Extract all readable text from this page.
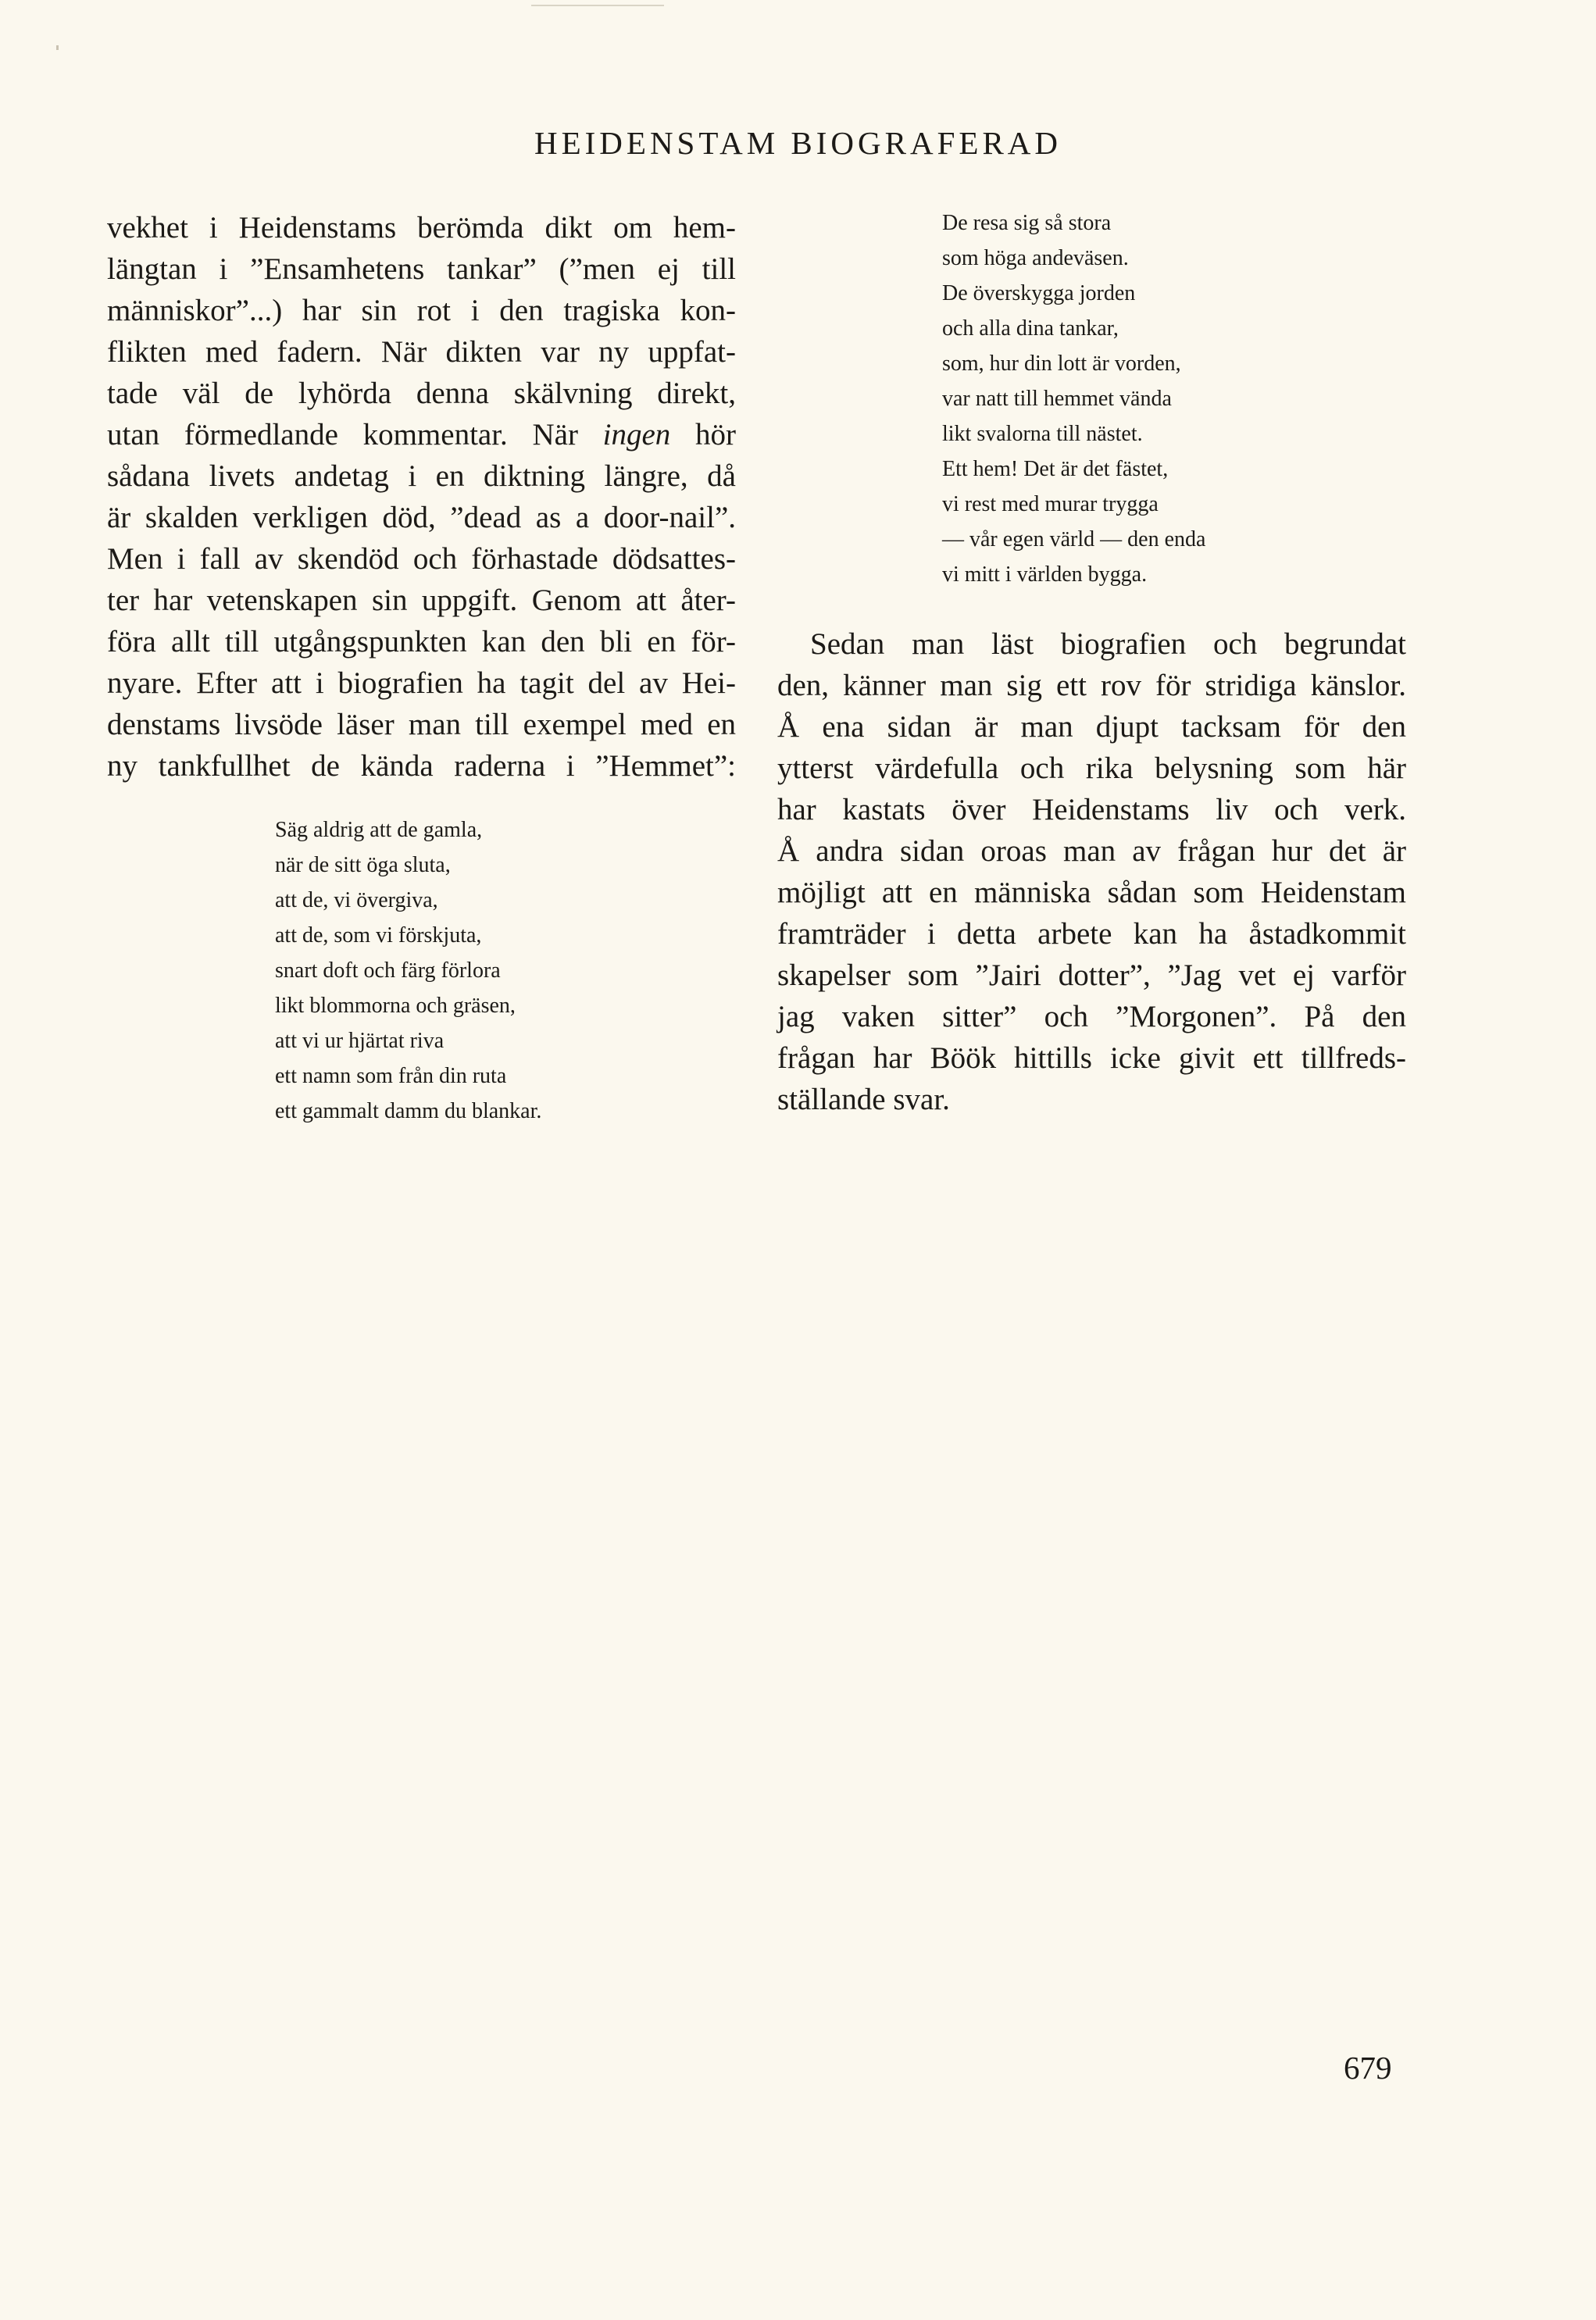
HEIDENSTAM BIOGRAFERAD
vekhet i Heidenstams berömda dikt om hem-
längtan i ”Ensamhetens tankar” (”men ej till
människor”...) har sin rot i den tragiska kon-
flikten med fadern. När dikten var ny uppfat-
tade väl de lyhörda denna skälvning direkt,
utan förmedlande kommentar. När ingen hör
sådana livets andetag i en diktning längre, då
är skalden verkligen död, ”dead as a door-nail”.
Men i fall av skendöd och förhastade dödsattes-
ter har vetenskapen sin uppgift. Genom att åter-
föra allt till utgångspunkten kan den bli en för-
nyare. Efter att i biografien ha tagit del av Hei-
denstams livsöde läser man till exempel med en
ny tankfullhet de kända raderna i ”Hemmet”:
Säg aldrig att de gamla,
när de sitt öga sluta,
att de, vi övergiva,
att de, som vi förskjuta,
snart doft och färg förlora
likt blommorna och gräsen,
att vi ur hjärtat riva
ett namn som från din ruta
ett gammalt damm du blankar.
De resa sig så stora
som höga andeväsen.
De överskygga jorden
och alla dina tankar,
som, hur din lott är vorden,
var natt till hemmet vända
likt svalorna till nästet.
Ett hem! Det är det fästet,
vi rest med murar trygga
— vår egen värld — den enda
vi mitt i världen bygga.
Sedan man läst biografien och begrundat
den, känner man sig ett rov för stridiga känslor.
Å ena sidan är man djupt tacksam för den
ytterst värdefulla och rika belysning som här
har kastats över Heidenstams liv och verk.
Å andra sidan oroas man av frågan hur det är
möjligt att en människa sådan som Heidenstam
framträder i detta arbete kan ha åstadkommit
skapelser som ”Jairi dotter”, ”Jag vet ej varför
jag vaken sitter” och ”Morgonen”. På den
frågan har Böök hittills icke givit ett tillfreds-
ställande svar.
679
